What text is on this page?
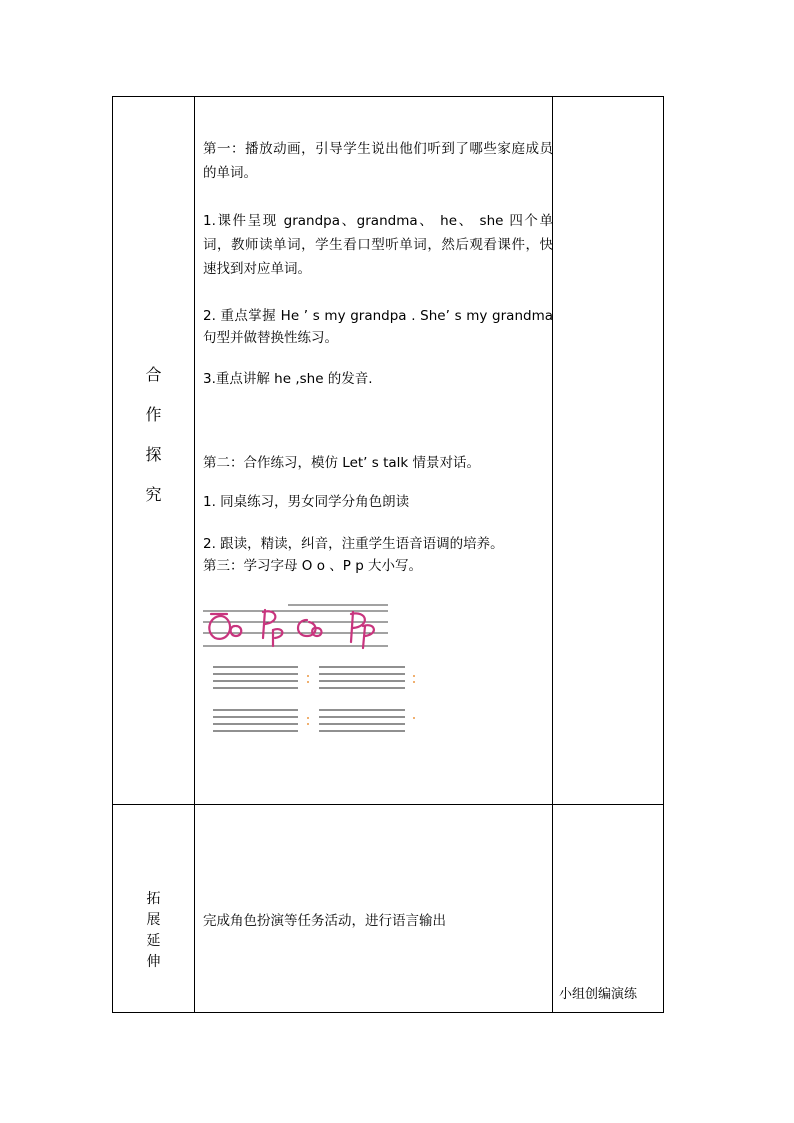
合
作
探
究
第一：播放动画，引导学生说出他们听到了哪些家庭成员的单词。
1.课件呈现 grandpa、grandma、 he、 she 四个单词，教师读单词，学生看口型听单词，然后观看课件，快速找到对应单词。
2. 重点掌握 He ’ s my grandpa . She’ s my grandma 句型并做替换性练习。
3.重点讲解 he ,she 的发音.
第二：合作练习，模仿 Let’ s talk 情景对话。
1. 同桌练习，男女同学分角色朗读
2. 跟读，精读，纠音，注重学生语音语调的培养。
第三：学习字母 O o 、P p 大小写。
拓
展
延
伸
完成角色扮演等任务活动，进行语言输出
小组创编演练
